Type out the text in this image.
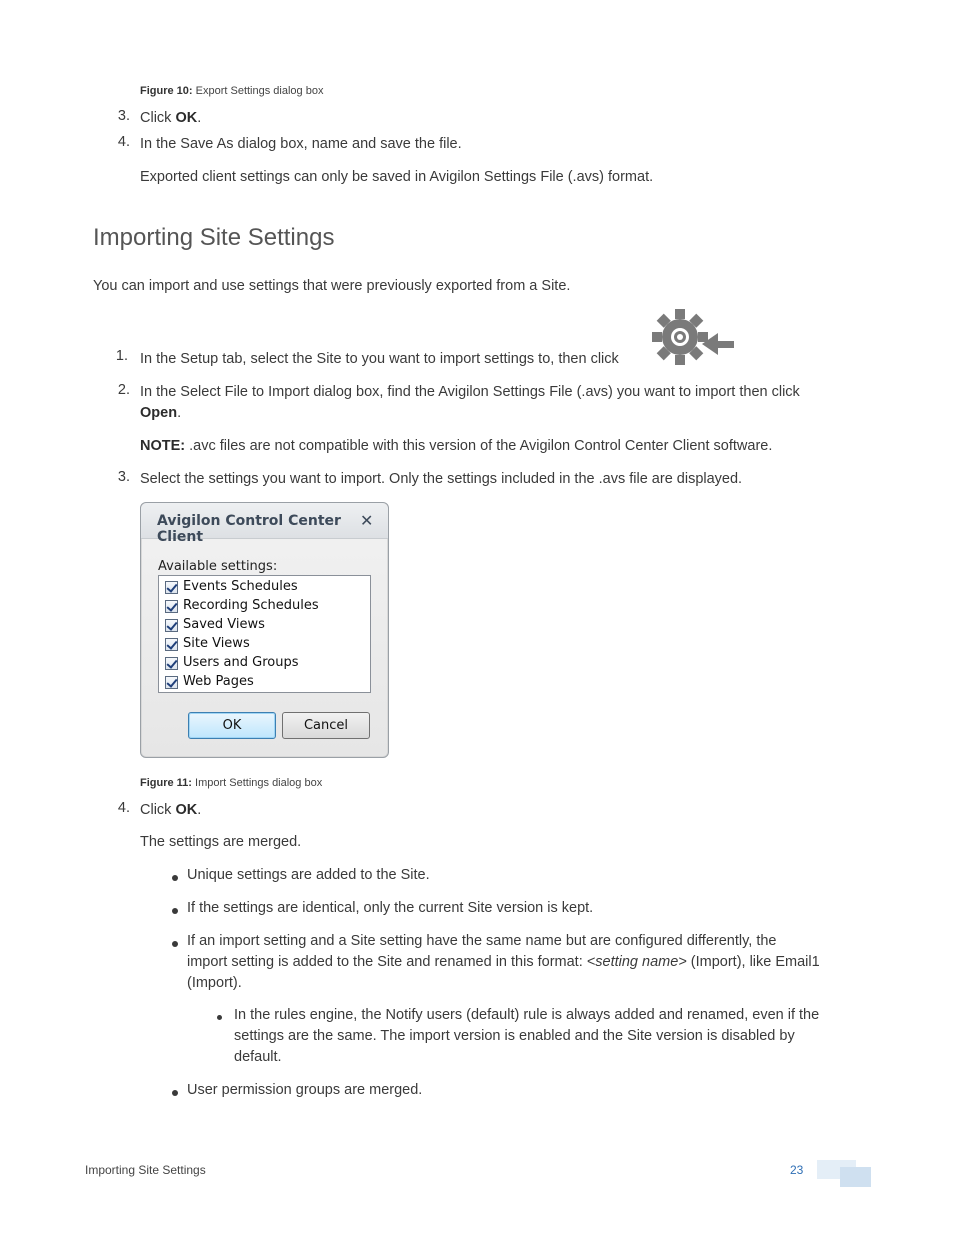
Figure 10: Export Settings dialog box
3. Click OK.
4. In the Save As dialog box, name and save the file.
Exported client settings can only be saved in Avigilon Settings File (.avs) format.
Importing Site Settings
You can import and use settings that were previously exported from a Site.
1. In the Setup tab, select the Site to you want to import settings to, then click
2. In the Select File to Import dialog box, find the Avigilon Settings File (.avs) you want to import then click
Open.
NOTE: .avc files are not compatible with this version of the Avigilon Control Center Client software.
3. Select the settings you want to import. Only the settings included in the .avs file are displayed.
Avigilon Control Center Client
✕
Available settings:
Events Schedules
Recording Schedules
Saved Views
Site Views
Users and Groups
Web Pages
OK	Cancel
Figure 11: Import Settings dialog box
4. Click OK.
The settings are merged.
Unique settings are added to the Site.
If the settings are identical, only the current Site version is kept.
If an import setting and a Site setting have the same name but are configured differently, the
import setting is added to the Site and renamed in this format: <setting name> (Import), like Email1
(Import).
In the rules engine, the Notify users (default) rule is always added and renamed, even if the
settings are the same. The import version is enabled and the Site version is disabled by
default.
User permission groups are merged.
Importing Site Settings	23
